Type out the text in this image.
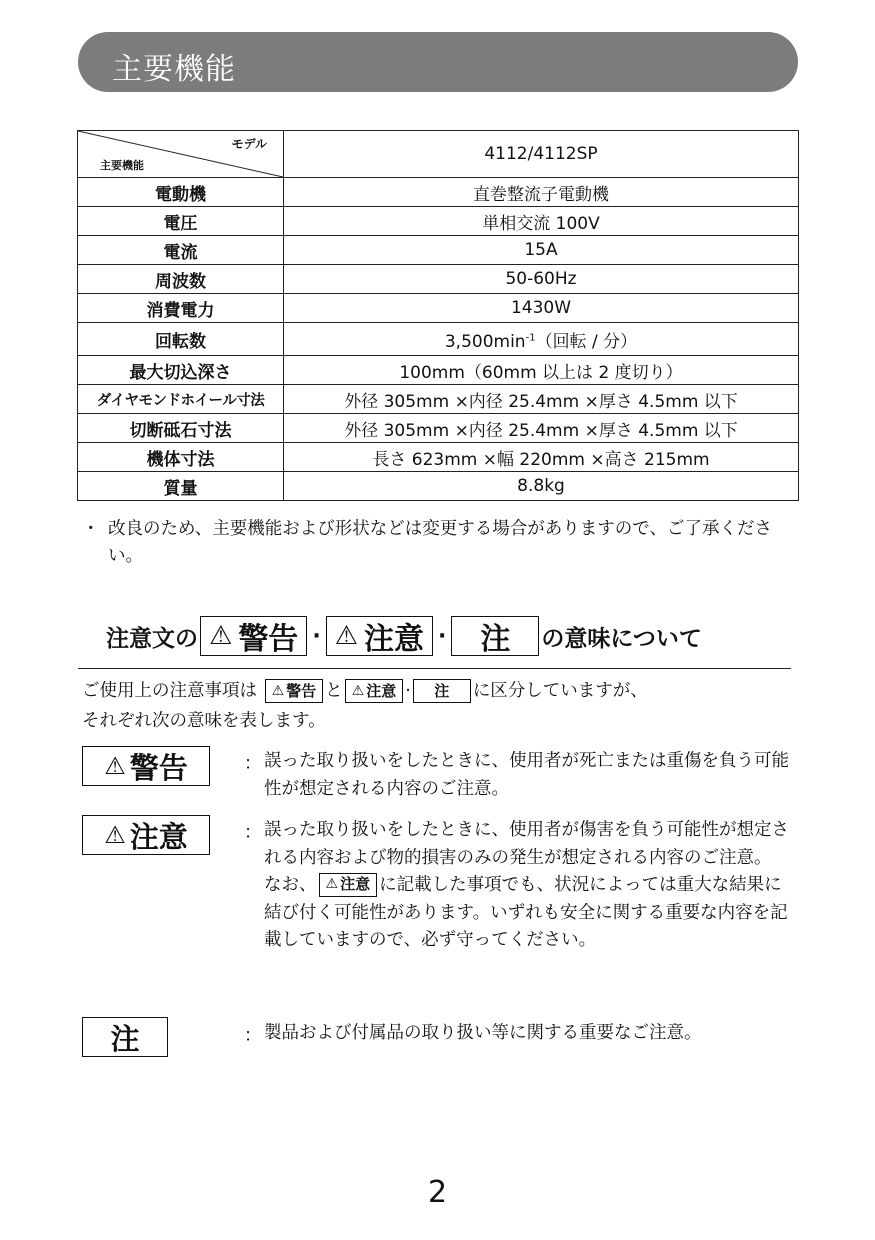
主要機能
モデル
主要機能	4112/4112SP
電動機	直巻整流子電動機
電圧	単相交流 100V
電流	15A
周波数	50-60Hz
消費電力	1430W
回転数	$3,500\min^{-1}$（回転 / 分）
最大切込深さ	100mm（60mm 以上は 2 度切り）
ダイヤモンドホイール寸法	外径 305mm ×内径 25.4mm ×厚さ 4.5mm 以下
切断砥石寸法	外径 305mm ×内径 25.4mm ×厚さ 4.5mm 以下
機体寸法	長さ 623mm ×幅 220mm ×高さ 215mm
質量	8.8kg
・ 改良のため、主要機能および形状などは変更する場合がありますので、ご了承ください。
注意文の ⚠ 警告 · ⚠ 注意 · 注 の意味について
ご使用上の注意事項は ⚠ 警告 と ⚠ 注意 · 注 に区分していますが、
それぞれ次の意味を表します。
⚠ 警告	： 誤った取り扱いをしたときに、使用者が死亡または重傷を負う可能性が想定される内容のご注意。
⚠ 注意	： 誤った取り扱いをしたときに、使用者が傷害を負う可能性が想定される内容および物的損害のみの発生が想定される内容のご注意。
なお、 ⚠ 注意 に記載した事項でも、状況によっては重大な結果に結び付く可能性があります。いずれも安全に関する重要な内容を記載していますので、必ず守ってください。
注	： 製品および付属品の取り扱い等に関する重要なご注意。
2
